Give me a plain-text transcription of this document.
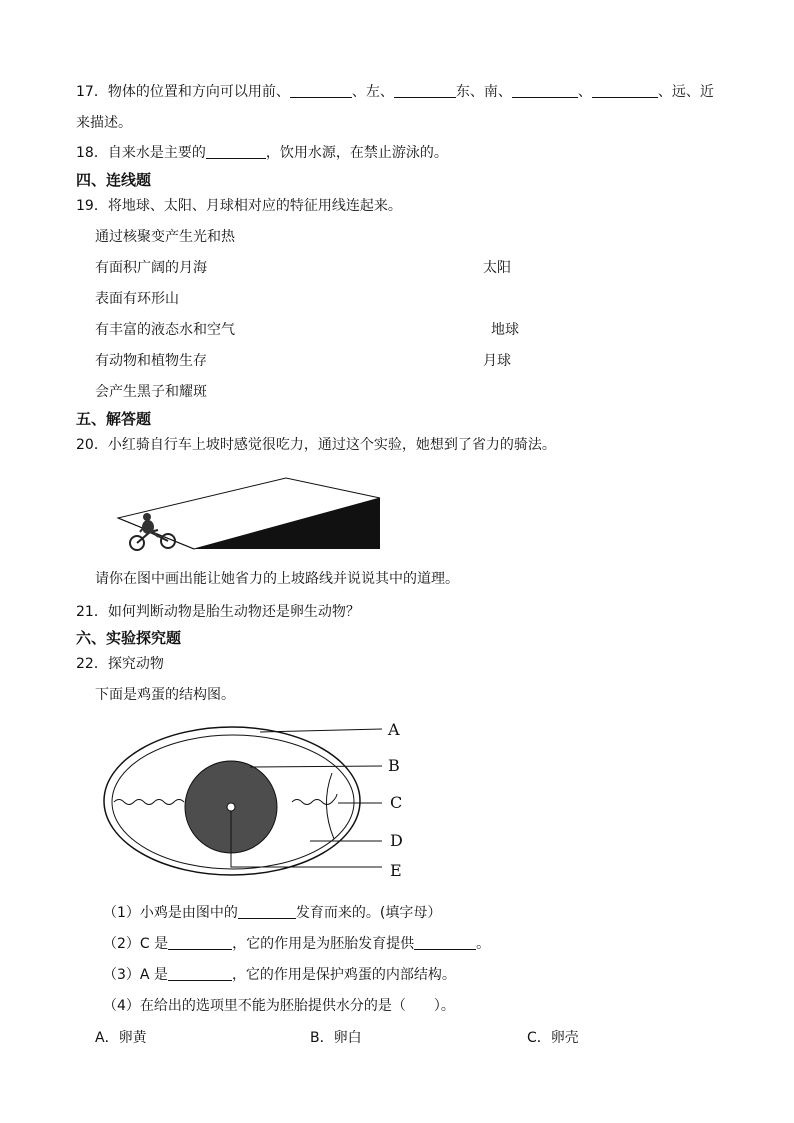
17．物体的位置和方向可以用前、	、左、	东、南、	、	、远、近
来描述。
18．自来水是主要的	，饮用水源，在禁止游泳的。
四、连线题
19．将地球、太阳、月球相对应的特征用线连起来。
通过核聚变产生光和热
有面积广阔的月海
表面有环形山
有丰富的液态水和空气
有动物和植物生存
会产生黑子和耀斑
太阳
地球
月球
五、解答题
20．小红骑自行车上坡时感觉很吃力，通过这个实验，她想到了省力的骑法。
请你在图中画出能让她省力的上坡路线并说说其中的道理。
21．如何判断动物是胎生动物还是卵生动物？
六、实验探究题
22．探究动物
下面是鸡蛋的结构图。
A
B
C
D
E
（1）小鸡是由图中的	发育而来的。(填字母）
（2）C 是	，它的作用是为胚胎发育提供	。
（3）A 是	，它的作用是保护鸡蛋的内部结构。
（4）在给出的选项里不能为胚胎提供水分的是（　　）。
A．卵黄	B．卵白	C．卵壳
